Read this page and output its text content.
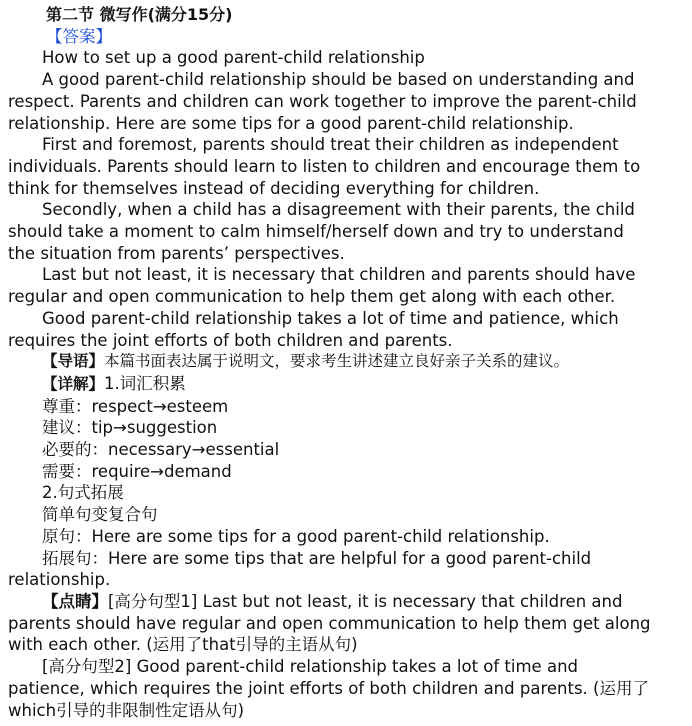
第二节 微写作(满分15分)
【答案】
How to set up a good parent-child relationship
A good parent-child relationship should be based on understanding and
respect. Parents and children can work together to improve the parent-child
relationship. Here are some tips for a good parent-child relationship.
First and foremost, parents should treat their children as independent
individuals. Parents should learn to listen to children and encourage them to
think for themselves instead of deciding everything for children.
Secondly, when a child has a disagreement with their parents, the child
should take a moment to calm himself/herself down and try to understand
the situation from parents’ perspectives.
Last but not least, it is necessary that children and parents should have
regular and open communication to help them get along with each other.
Good parent-child relationship takes a lot of time and patience, which
requires the joint efforts of both children and parents.
【导语】本篇书面表达属于说明文，要求考生讲述建立良好亲子关系的建议。
【详解】1.词汇积累
尊重：respect→esteem
建议：tip→suggestion
必要的：necessary→essential
需要：require→demand
2.句式拓展
简单句变复合句
原句：Here are some tips for a good parent-child relationship.
拓展句：Here are some tips that are helpful for a good parent-child
relationship.
【点睛】[高分句型1] Last but not least, it is necessary that children and
parents should have regular and open communication to help them get along
with each other. (运用了that引导的主语从句)
[高分句型2] Good parent-child relationship takes a lot of time and
patience, which requires the joint efforts of both children and parents. (运用了
which引导的非限制性定语从句)
